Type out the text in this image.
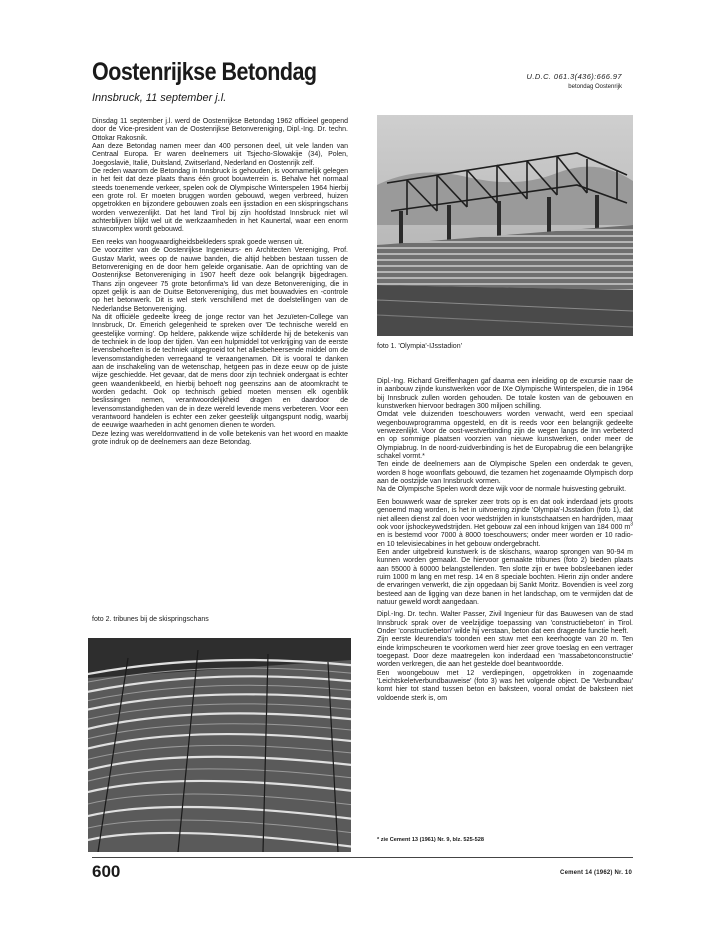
Oostenrijkse Betondag
Innsbruck, 11 september j.l.
U.D.C. 061.3(436):666.97
betondag Oostenrijk

Dinsdag 11 september j.l. werd de Oostenrijkse Betondag 1962 officieel geopend door de Vice-president van de Oostenrijkse Betonvereniging, Dipl.-Ing. Dr. techn. Ottokar Rakosnik.

Aan deze Betondag namen meer dan 400 personen deel, uit vele landen van Centraal Europa. Er waren deelnemers uit Tsjecho-Slowakije (34), Polen, Joegoslavië, Italië, Duitsland, Zwitserland, Nederland en Oostenrijk zelf.

De reden waarom de Betondag in Innsbruck is gehouden, is voornamelijk gelegen in het feit dat deze plaats thans één groot bouwterrein is. Behalve het normaal steeds toenemende verkeer, spelen ook de Olympische Winterspelen 1964 hierbij een grote rol. Er moeten bruggen worden gebouwd, wegen verbreed, huizen opgetrokken en bijzondere gebouwen zoals een ijsstadion en een skispringschans worden verwezenlijkt. Dat het land Tirol bij zijn hoofdstad Innsbruck niet wil achterblijven blijkt wel uit de werkzaamheden in het Kaunertal, waar een enorm stuwcomplex wordt gebouwd.

Een reeks van hoogwaardigheidsbekleders sprak goede wensen uit.

De voorzitter van de Oostenrijkse Ingenieurs- en Architecten Vereniging, Prof. Gustav Markt, wees op de nauwe banden, die altijd hebben bestaan tussen de Betonvereniging en de door hem geleide organisatie. Aan de oprichting van de Oostenrijkse Betonvereniging in 1907 heeft deze ook belangrijk bijgedragen. Thans zijn ongeveer 75 grote betonfirma's lid van deze Betonvereniging, die in opzet gelijk is aan de Duitse Betonvereniging, dus met bouwadvies en -controle op het betonwerk. Dit is wel sterk verschillend met de doelstellingen van de Nederlandse Betonvereniging.

Na dit officiële gedeelte kreeg de jonge rector van het Jezuïeten-College van Innsbruck, Dr. Emerich gelegenheid te spreken over 'De technische wereld en geestelijke vorming'. Op heldere, pakkende wijze schilderde hij de betekenis van de techniek in de loop der tijden. Van een hulpmiddel tot verkrijging van de eerste levensbehoeften is de techniek uitgegroeid tot het allesbeheersende middel om de levensomstandigheden verregaand te veraangenamen. Dit is vooral te danken aan de inschakeling van de wetenschap, hetgeen pas in deze eeuw op de juiste wijze geschiedde. Het gevaar, dat de mens door zijn techniek ondergaat is echter geen waandenkbeeld, en hierbij behoeft nog geenszins aan de atoomkracht te worden gedacht. Ook op technisch gebied moeten mensen elk ogenblik beslissingen nemen, verantwoordelijkheid dragen en daardoor de levensomstandigheden van de in deze wereld levende mens verbeteren. Voor een verantwoord handelen is echter een zeker geestelijk uitgangspunt nodig, waarbij de eeuwige waarheden in acht genomen dienen te worden.

Deze lezing was wereldomvattend in de volle betekenis van het woord en maakte grote indruk op de deelnemers aan deze Betondag.

foto 1. 'Olympia'-IJsstadion'

Dipl.-Ing. Richard Greiffenhagen gaf daarna een inleiding op de excursie naar de in aanbouw zijnde kunstwerken voor de IXe Olympische Winterspelen, die in 1964 bij Innsbruck zullen worden gehouden. De totale kosten van de gebouwen en kunstwerken hiervoor bedragen 300 miljoen schilling.

Omdat vele duizenden toeschouwers worden verwacht, werd een speciaal wegenbouwprogramma opgesteld, en dit is reeds voor een belangrijk gedeelte verwezenlijkt. Voor de oost-westverbinding zijn de wegen langs de Inn verbeterd en op sommige plaatsen voorzien van nieuwe kunstwerken, onder meer de Olympiabrug. In de noord-zuidverbinding is het de Europabrug die een belangrijke schakel vormt.*

Ten einde de deelnemers aan de Olympische Spelen een onderdak te geven, worden 8 hoge woonflats gebouwd, die tezamen het zogenaamde Olympisch dorp aan de oostzijde van Innsbruck vormen.

Na de Olympische Spelen wordt deze wijk voor de normale huisvesting gebruikt.

Een bouwwerk waar de spreker zeer trots op is en dat ook inderdaad jets groots genoemd mag worden, is het in uitvoering zijnde 'Olympia'-IJsstadion (foto 1), dat niet alleen dienst zal doen voor wedstrijden in kunstschaatsen en hardrijden, maar ook voor ijshockeywedstrijden. Het gebouw zal een inhoud krijgen van 184 000 $m^3$ en is bestemd voor 7000 à 8000 toeschouwers; onder meer worden er 10 radio- en 10 televisiecabines in het gebouw ondergebracht.

Een ander uitgebreid kunstwerk is de skischans, waarop sprongen van 90-94 m kunnen worden gemaakt. De hiervoor gemaakte tribunes (foto 2) bieden plaats aan 55000 à 60000 belangstellenden. Ten slotte zijn er twee bobsleebanen ieder ruim 1000 m lang en met resp. 14 en 8 speciale bochten. Hierin zijn onder andere de ervaringen verwerkt, die zijn opgedaan bij Sankt Moritz. Bovendien is veel zorg besteed aan de ligging van deze banen in het landschap, om te vermijden dat de natuur geweld wordt aangedaan.

Dipl.-Ing. Dr. techn. Walter Passer, Zivil Ingenieur für das Bauwesen van de stad Innsbruck sprak over de veelzijdige toepassing van 'constructiebeton' in Tirol. Onder 'constructiebeton' wilde hij verstaan, beton dat een dragende functie heeft.

Zijn eerste kleurendia's toonden een stuw met een keerhoogte van 20 m. Ten einde krimpscheuren te voorkomen werd hier zeer grove toeslag en een vertrager toegepast. Door deze maatregelen kon inderdaad een 'massabetonconstructie' worden verkregen, die aan het gestelde doel beantwoordde.

Een woongebouw met 12 verdiepingen, opgetrokken in zogenaamde 'Leichtskeletverbundbauweise' (foto 3) was het volgende object. De 'Verbundbau' komt hier tot stand tussen beton en baksteen, vooral omdat de baksteen niet voldoende sterk is, om

foto 2. tribunes bij de skispringschans
* zie Cement 13 (1961) Nr. 9, blz. 525-528
600	Cement 14 (1962) Nr. 10
